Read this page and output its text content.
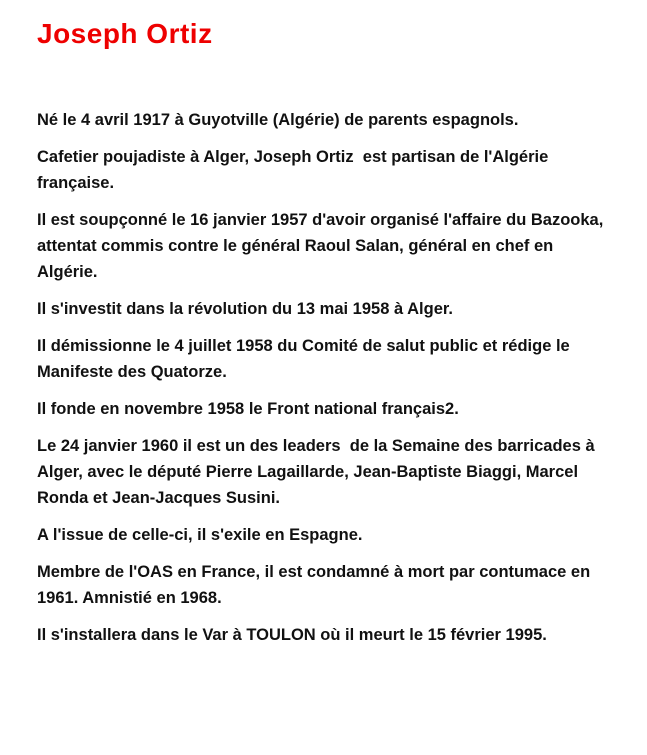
Joseph Ortiz

Né le 4 avril 1917 à Guyotville (Algérie) de parents espagnols.

Cafetier poujadiste à Alger, Joseph Ortiz  est partisan de l'Algérie française.

Il est soupçonné le 16 janvier 1957 d'avoir organisé l'affaire du Bazooka, attentat commis contre le général Raoul Salan, général en chef en Algérie.

Il s'investit dans la révolution du 13 mai 1958 à Alger.

Il démissionne le 4 juillet 1958 du Comité de salut public et rédige le Manifeste des Quatorze.

Il fonde en novembre 1958 le Front national français2.

Le 24 janvier 1960 il est un des leaders  de la Semaine des barricades à Alger, avec le député Pierre Lagaillarde, Jean-Baptiste Biaggi, Marcel Ronda et Jean-Jacques Susini.

A l'issue de celle-ci, il s'exile en Espagne.

Membre de l'OAS en France, il est condamné à mort par contumace en 1961. Amnistié en 1968.

Il s'installera dans le Var à TOULON où il meurt le 15 février 1995.
